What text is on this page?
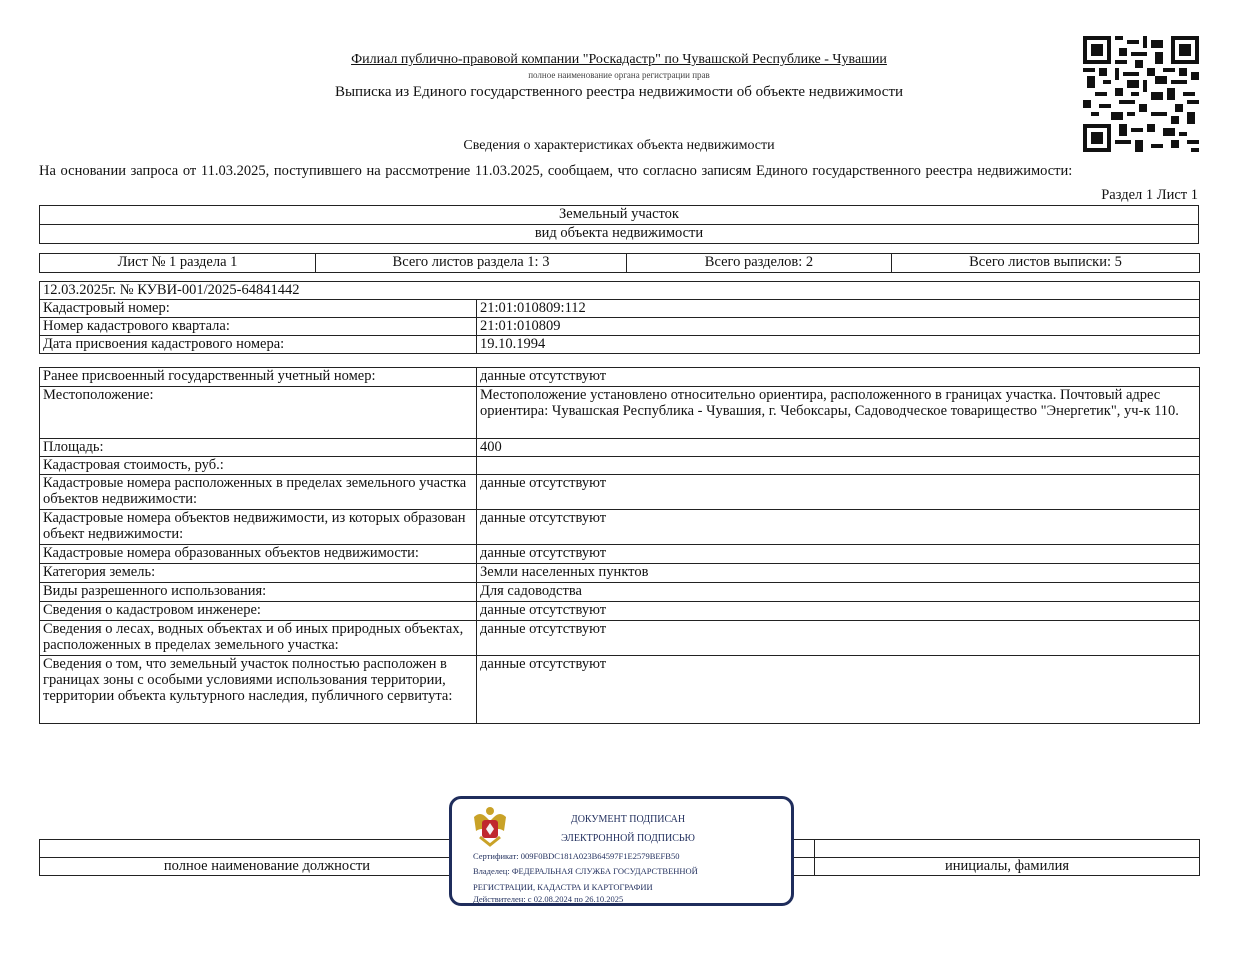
Филиал публично-правовой компании "Роскадастр" по Чувашской Республике - Чувашии
полное наименование органа регистрации прав
Выписка из Единого государственного реестра недвижимости об объекте недвижимости
Сведения о характеристиках объекта недвижимости
На основании запроса от 11.03.2025, поступившего на рассмотрение 11.03.2025, сообщаем, что согласно записям Единого государственного реестра недвижимости:
Раздел 1 Лист 1
Земельный участок
вид объекта недвижимости
Лист № 1 раздела 1	Всего листов раздела 1: 3	Всего разделов: 2	Всего листов выписки: 5
12.03.2025г. № КУВИ-001/2025-64841442	
Кадастровый номер:	21:01:010809:112
Номер кадастрового квартала:	21:01:010809
Дата присвоения кадастрового номера:	19.10.1994
Ранее присвоенный государственный учетный номер:	данные отсутствуют
Местоположение:	Местоположение установлено относительно ориентира, расположенного в границах участка. Почтовый адрес ориентира: Чувашская Республика - Чувашия, г. Чебоксары, Садоводческое товарищество "Энергетик", уч-к 110.
Площадь:	400
Кадастровая стоимость, руб.:	
Кадастровые номера расположенных в пределах земельного участка объектов недвижимости:	данные отсутствуют
Кадастровые номера объектов недвижимости, из которых образован объект недвижимости:	данные отсутствуют
Кадастровые номера образованных объектов недвижимости:	данные отсутствуют
Категория земель:	Земли населенных пунктов
Виды разрешенного использования:	Для садоводства
Сведения о кадастровом инженере:	данные отсутствуют
Сведения о лесах, водных объектах и об иных природных объектах, расположенных в пределах земельного участка:	данные отсутствуют
Сведения о том, что земельный участок полностью расположен в границах зоны с особыми условиями использования территории, территории объекта культурного наследия, публичного сервитута:	данные отсутствуют

полное наименование должности		инициалы, фамилия
ДОКУМЕНТ ПОДПИСАН
ЭЛЕКТРОННОЙ ПОДПИСЬЮ
Сертификат: 009F0BDC181A023B64597F1E2579BEFB50
Владелец: ФЕДЕРАЛЬНАЯ СЛУЖБА ГОСУДАРСТВЕННОЙ
РЕГИСТРАЦИИ, КАДАСТРА И КАРТОГРАФИИ
Действителен: с 02.08.2024 по 26.10.2025
